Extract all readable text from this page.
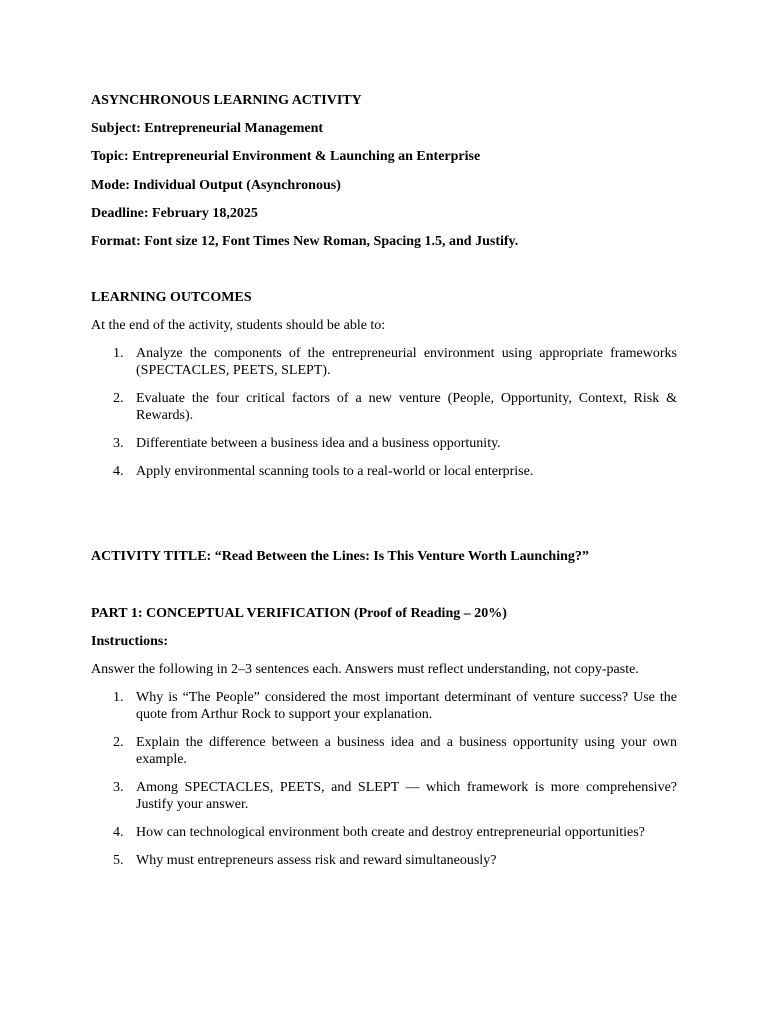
ASYNCHRONOUS LEARNING ACTIVITY
Subject: Entrepreneurial Management
Topic: Entrepreneurial Environment & Launching an Enterprise
Mode: Individual Output (Asynchronous)
Deadline: February 18,2025
Format: Font size 12, Font Times New Roman, Spacing 1.5, and Justify.
LEARNING OUTCOMES
At the end of the activity, students should be able to:
1. Analyze the components of the entrepreneurial environment using appropriate frameworks (SPECTACLES, PEETS, SLEPT).
2. Evaluate the four critical factors of a new venture (People, Opportunity, Context, Risk & Rewards).
3. Differentiate between a business idea and a business opportunity.
4. Apply environmental scanning tools to a real-world or local enterprise.
ACTIVITY TITLE: “Read Between the Lines: Is This Venture Worth Launching?”
PART 1: CONCEPTUAL VERIFICATION (Proof of Reading – 20%)
Instructions:
Answer the following in 2–3 sentences each. Answers must reflect understanding, not copy-paste.
1. Why is “The People” considered the most important determinant of venture success? Use the quote from Arthur Rock to support your explanation.
2. Explain the difference between a business idea and a business opportunity using your own example.
3. Among SPECTACLES, PEETS, and SLEPT — which framework is more comprehensive? Justify your answer.
4. How can technological environment both create and destroy entrepreneurial opportunities?
5. Why must entrepreneurs assess risk and reward simultaneously?
